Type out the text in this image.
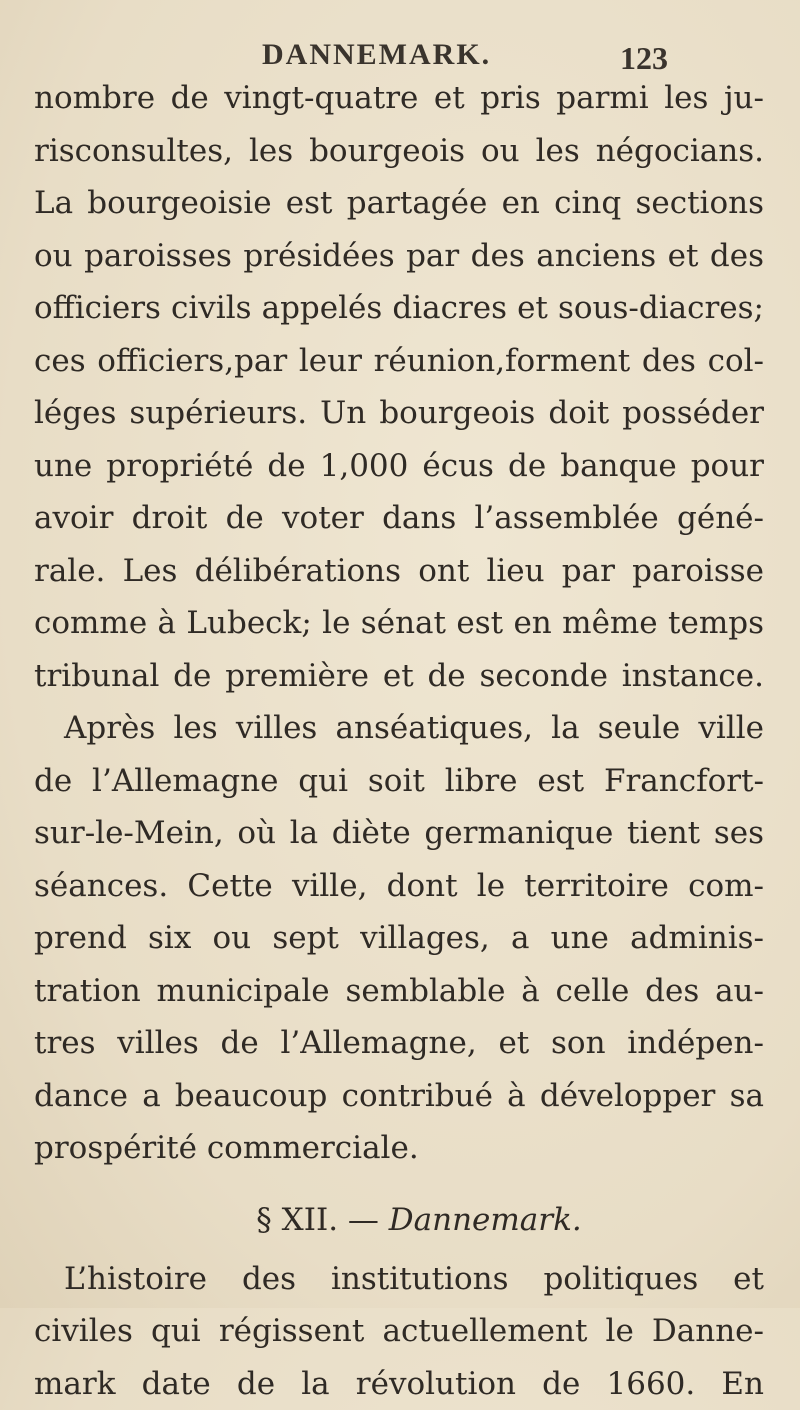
DANNEMARK.	123
nombre de vingt-quatre et pris parmi les ju-
risconsultes, les bourgeois ou les négocians.
La bourgeoisie est partagée en cinq sections
ou paroisses présidées par des anciens et des
officiers civils appelés diacres et sous-diacres;
ces officiers,par leur réunion,forment des col-
léges supérieurs. Un bourgeois doit posséder
une propriété de 1,000 écus de banque pour
avoir droit de voter dans l’assemblée géné-
rale. Les délibérations ont lieu par paroisse
comme à Lubeck; le sénat est en même temps
tribunal de première et de seconde instance.
Après les villes anséatiques, la seule ville
de l’Allemagne qui soit libre est Francfort-
sur-le-Mein, où la diète germanique tient ses
séances. Cette ville, dont le territoire com-
prend six ou sept villages, a une adminis-
tration municipale semblable à celle des au-
tres villes de l’Allemagne, et son indépen-
dance a beaucoup contribué à développer sa
prospérité commerciale.
§ XII. — Dannemark.
L’histoire des institutions politiques et
civiles qui régissent actuellement le Danne-
mark date de la révolution de 1660. En
